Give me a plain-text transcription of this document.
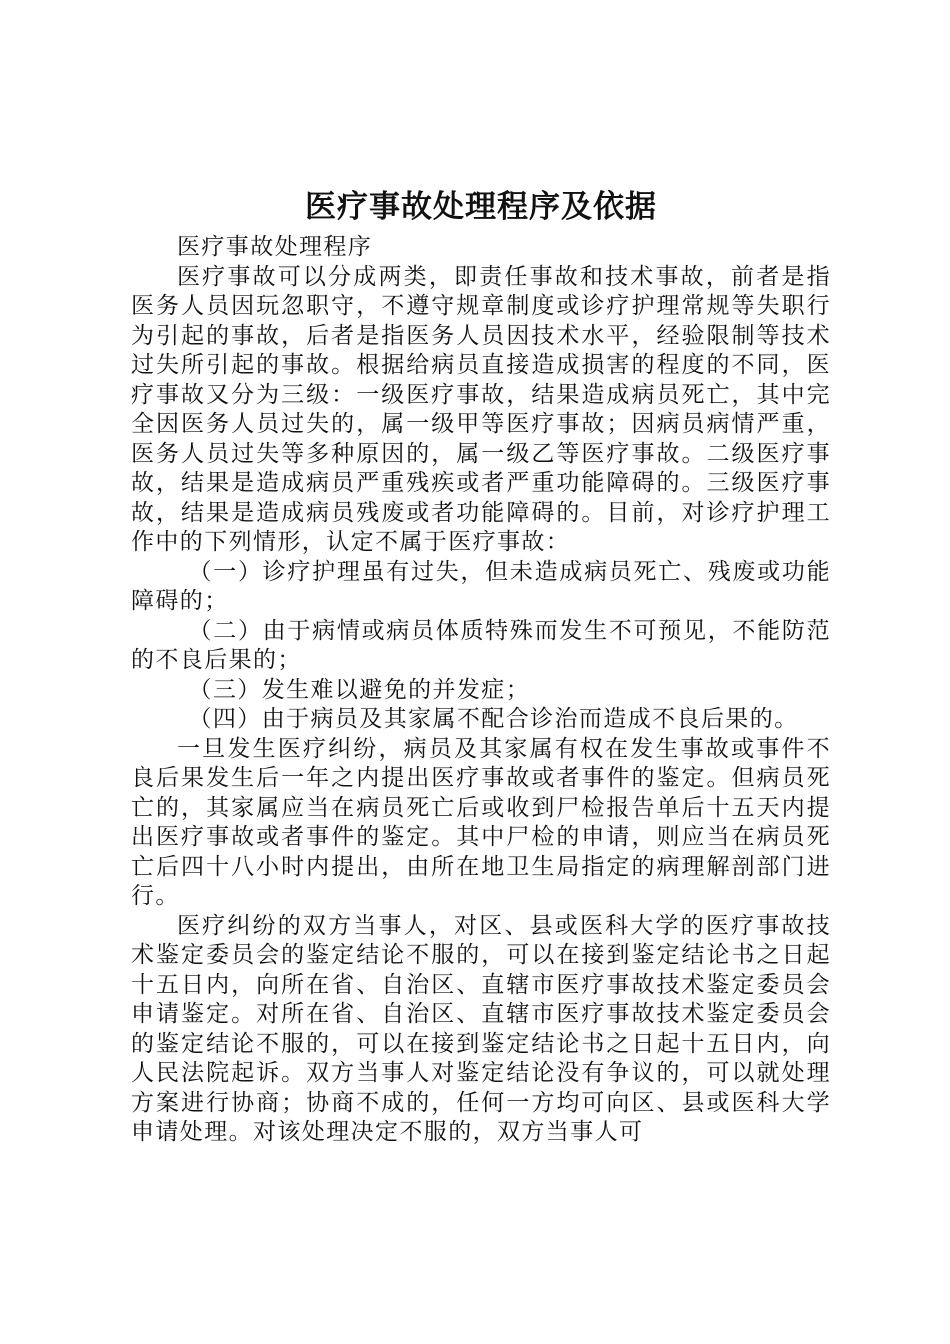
医疗事故处理程序及依据

医疗事故处理程序

医疗事故可以分成两类，即责任事故和技术事故，前者是指医务人员因玩忽职守，不遵守规章制度或诊疗护理常规等失职行为引起的事故，后者是指医务人员因技术水平，经验限制等技术过失所引起的事故。根据给病员直接造成损害的程度的不同，医疗事故又分为三级：一级医疗事故，结果造成病员死亡，其中完全因医务人员过失的，属一级甲等医疗事故；因病员病情严重，医务人员过失等多种原因的，属一级乙等医疗事故。二级医疗事故，结果是造成病员严重残疾或者严重功能障碍的。三级医疗事故，结果是造成病员残废或者功能障碍的。目前，对诊疗护理工作中的下列情形，认定不属于医疗事故：

（一）诊疗护理虽有过失，但未造成病员死亡、残废或功能障碍的；

（二）由于病情或病员体质特殊而发生不可预见，不能防范的不良后果的；

（三）发生难以避免的并发症；

（四）由于病员及其家属不配合诊治而造成不良后果的。

一旦发生医疗纠纷，病员及其家属有权在发生事故或事件不良后果发生后一年之内提出医疗事故或者事件的鉴定。但病员死亡的，其家属应当在病员死亡后或收到尸检报告单后十五天内提出医疗事故或者事件的鉴定。其中尸检的申请，则应当在病员死亡后四十八小时内提出，由所在地卫生局指定的病理解剖部门进行。

医疗纠纷的双方当事人，对区、县或医科大学的医疗事故技术鉴定委员会的鉴定结论不服的，可以在接到鉴定结论书之日起十五日内，向所在省、自治区、直辖市医疗事故技术鉴定委员会申请鉴定。对所在省、自治区、直辖市医疗事故技术鉴定委员会的鉴定结论不服的，可以在接到鉴定结论书之日起十五日内，向人民法院起诉。双方当事人对鉴定结论没有争议的，可以就处理方案进行协商；协商不成的，任何一方均可向区、县或医科大学申请处理。对该处理决定不服的，双方当事人可
